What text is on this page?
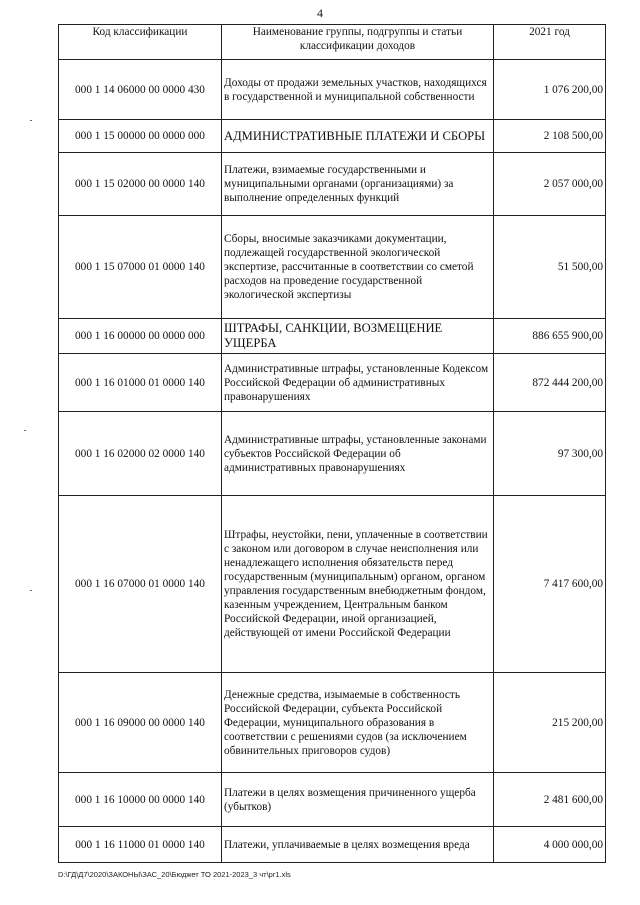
4
Код классификации	Наименование группы, подгруппы и статьи классификации доходов	2021 год
000 1 14 06000 00 0000 430	Доходы от продажи земельных участков, находящихся в государственной и муниципальной собственности	1 076 200,00
000 1 15 00000 00 0000 000	АДМИНИСТРАТИВНЫЕ ПЛАТЕЖИ И СБОРЫ	2 108 500,00
000 1 15 02000 00 0000 140	Платежи, взимаемые государственными и муниципальными органами (организациями) за выполнение определенных функций	2 057 000,00
000 1 15 07000 01 0000 140	Сборы, вносимые заказчиками документации, подлежащей государственной экологической экспертизе, рассчитанные в соответствии со сметой расходов на проведение государственной экологической экспертизы	51 500,00
000 1 16 00000 00 0000 000	ШТРАФЫ, САНКЦИИ, ВОЗМЕЩЕНИЕ УЩЕРБА	886 655 900,00
000 1 16 01000 01 0000 140	Административные штрафы, установленные Кодексом Российской Федерации об административных правонарушениях	872 444 200,00
000 1 16 02000 02 0000 140	Административные штрафы, установленные законами субъектов Российской Федерации об административных правонарушениях	97 300,00
000 1 16 07000 01 0000 140	Штрафы, неустойки, пени, уплаченные в соответствии с законом или договором в случае неисполнения или ненадлежащего исполнения обязательств перед государственным (муниципальным) органом, органом управления государственным внебюджетным фондом, казенным учреждением, Центральным банком Российской Федерации, иной организацией, действующей от имени Российской Федерации	7 417 600,00
000 1 16 09000 00 0000 140	Денежные средства, изымаемые в собственность Российской Федерации, субъекта Российской Федерации, муниципального образования в соответствии с решениями судов (за исключением обвинительных приговоров судов)	215 200,00
000 1 16 10000 00 0000 140	Платежи в целях возмещения причиненного ущерба (убытков)	2 481 600,00
000 1 16 11000 01 0000 140	Платежи, уплачиваемые в целях возмещения вреда	4 000 000,00
D:\ГД\Д7\2020\ЗАКОНЫ\ЗАС_20\Бюджет ТО 2021-2023_3 чт\pr1.xls
